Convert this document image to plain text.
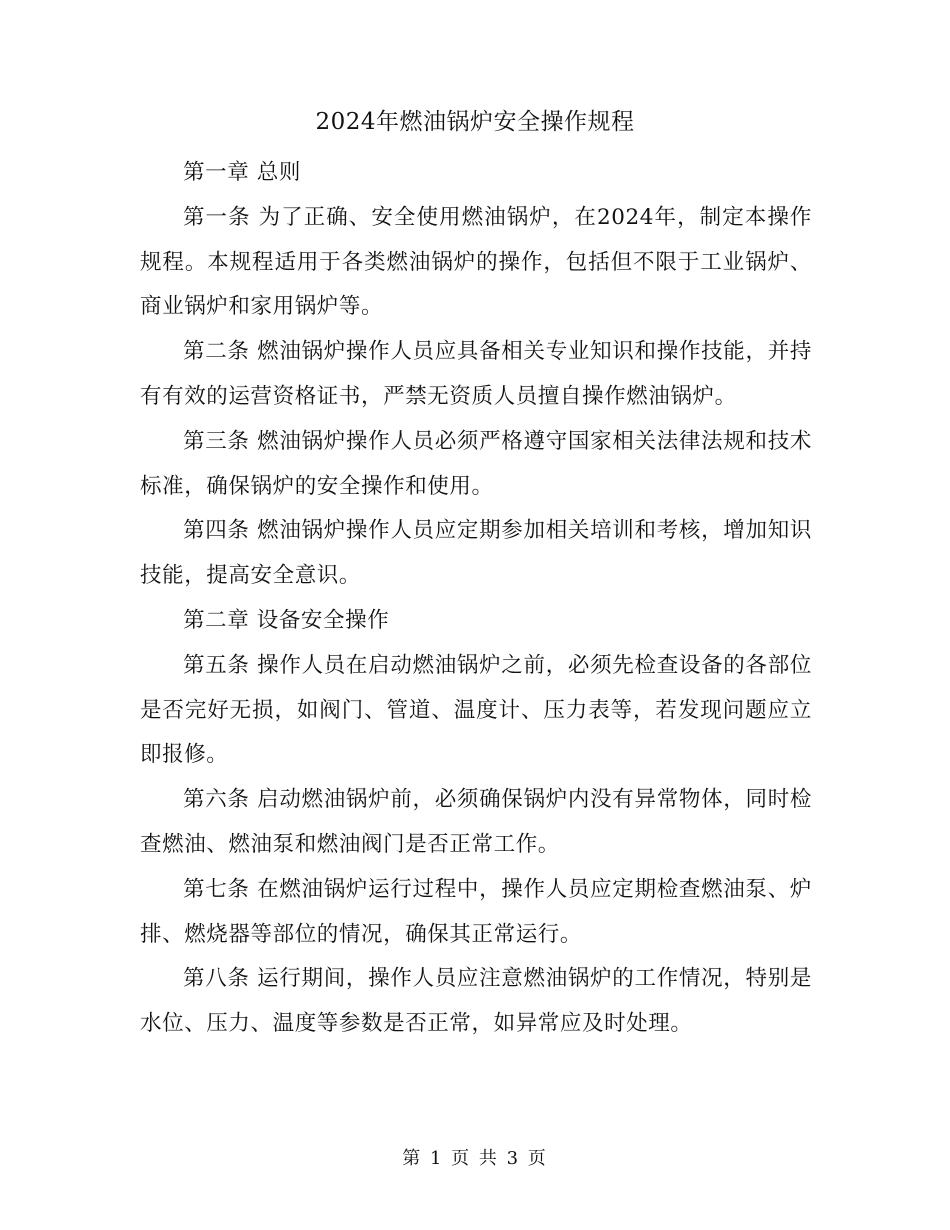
2024年燃油锅炉安全操作规程

第一章 总则

第一条 为了正确、安全使用燃油锅炉，在2024年，制定本操作规程。本规程适用于各类燃油锅炉的操作，包括但不限于工业锅炉、商业锅炉和家用锅炉等。

第二条 燃油锅炉操作人员应具备相关专业知识和操作技能，并持有有效的运营资格证书，严禁无资质人员擅自操作燃油锅炉。

第三条 燃油锅炉操作人员必须严格遵守国家相关法律法规和技术标准，确保锅炉的安全操作和使用。

第四条 燃油锅炉操作人员应定期参加相关培训和考核，增加知识技能，提高安全意识。

第二章 设备安全操作

第五条 操作人员在启动燃油锅炉之前，必须先检查设备的各部位是否完好无损，如阀门、管道、温度计、压力表等，若发现问题应立即报修。

第六条 启动燃油锅炉前，必须确保锅炉内没有异常物体，同时检查燃油、燃油泵和燃油阀门是否正常工作。

第七条 在燃油锅炉运行过程中，操作人员应定期检查燃油泵、炉排、燃烧器等部位的情况，确保其正常运行。

第八条 运行期间，操作人员应注意燃油锅炉的工作情况，特别是水位、压力、温度等参数是否正常，如异常应及时处理。

第 1 页 共 3 页
